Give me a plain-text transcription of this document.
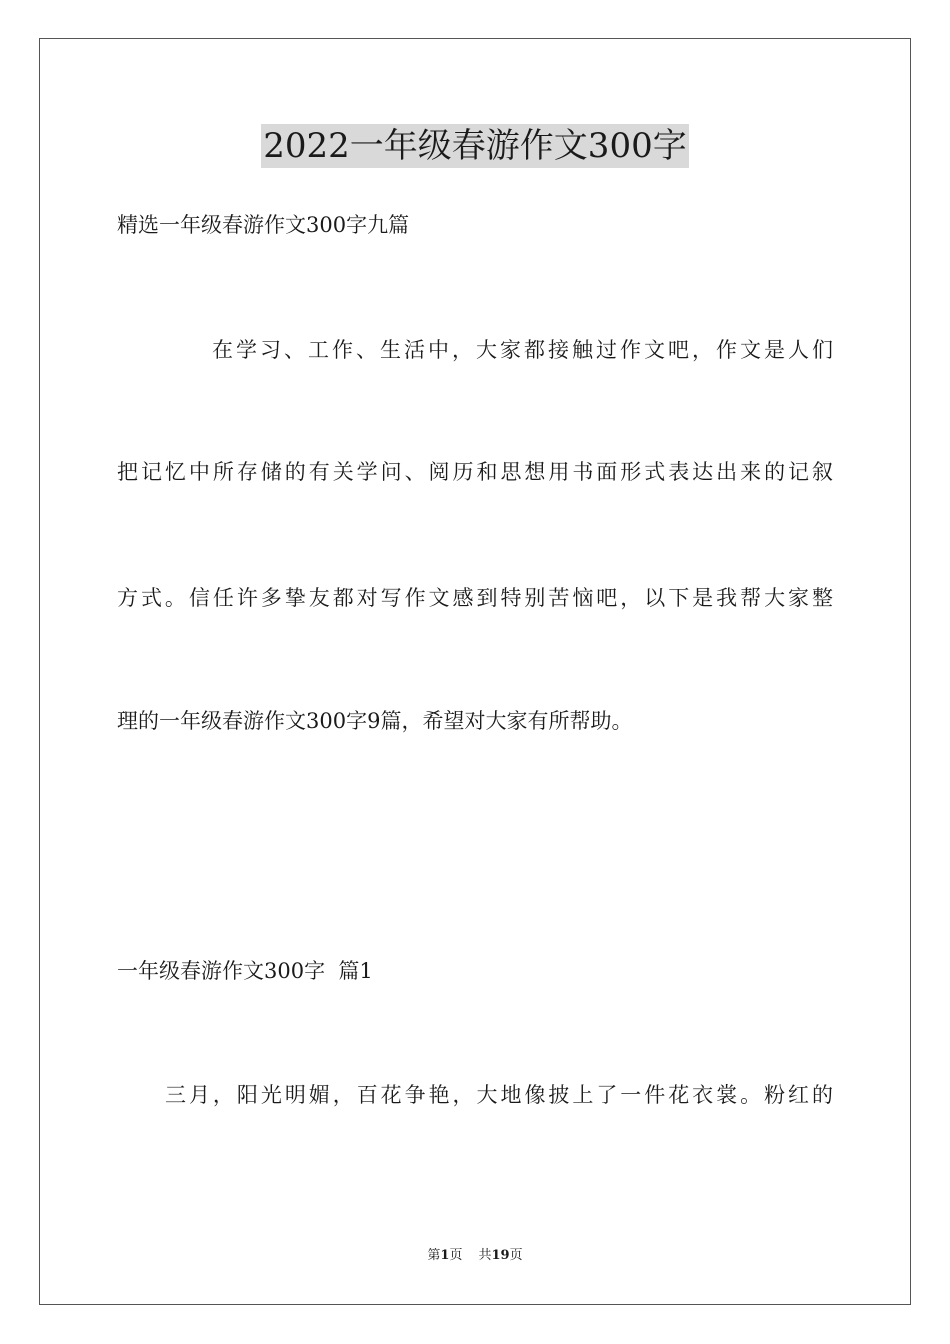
2022一年级春游作文300字
精选一年级春游作文300字九篇
在学习、工作、生活中，大家都接触过作文吧，作文是人们
把记忆中所存储的有关学问、阅历和思想用书面形式表达出来的记叙
方式。信任许多挚友都对写作文感到特别苦恼吧，以下是我帮大家整
理的一年级春游作文300字9篇，希望对大家有所帮助。
一年级春游作文300字  篇1
三月，阳光明媚，百花争艳，大地像披上了一件花衣裳。粉红的
第1页 共19页
